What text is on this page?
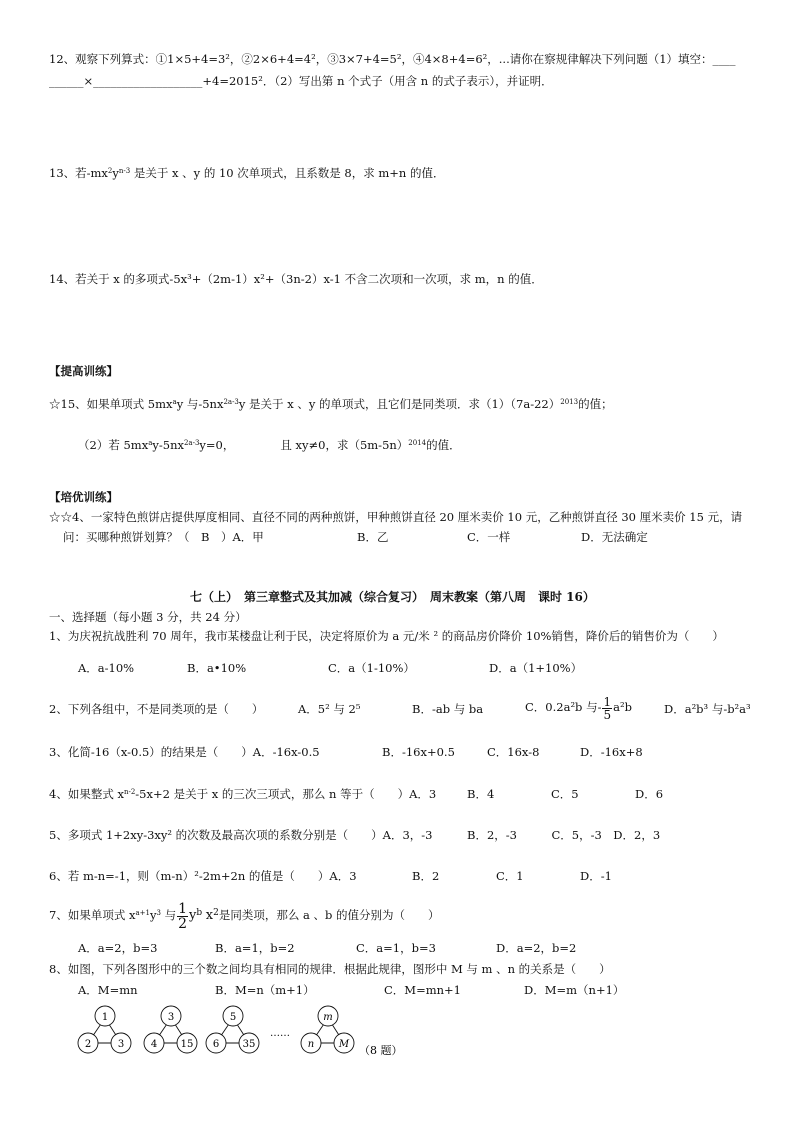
12、观察下列算式：①1×5+4=3²，②2×6+4=4²，③3×7+4=5²，④4×8+4=6²，...请你在察规律解决下列问题（1）填空：____
______×___________________+4=2015²．（2）写出第 n 个式子（用含 n 的式子表示），并证明．
13、若$-mx^2y^{n-3}$ 是关于 x 、y 的 10 次单项式，且系数是 8，求 m+n 的值．
14、若关于 x 的多项式-5x³+（2m-1）x²+（3n-2）x-1 不含二次项和一次项，求 m，n 的值．
【提高训练】
☆15、如果单项式 $5mx^ay$ 与$-5nx^{2a-3}y$ 是关于 x 、y 的单项式，且它们是同类项．求$(1)(7a-22)^{2013}$的值；
（2）若 $5mx^ay-5nx^{2a-3}y=0$，	且 xy≠0，求$(5m-5n)^{2014}$的值．
【培优训练】
☆☆4、一家特色煎饼店提供厚度相同、直径不同的两种煎饼，甲种煎饼直径 20 厘米卖价 10 元，乙种煎饼直径 30 厘米卖价 15 元，请
问：买哪种煎饼划算？（　B　）A．甲	B．乙	C．一样	D．无法确定
七（上）　第三章整式及其加减（综合复习）　周末教案（第八周　课时 16）
一、选择题（每小题 3 分，共 24 分）
1、为庆祝抗战胜利 70 周年，我市某楼盘让利于民，决定将原价为 a 元/米 ² 的商品房价降价 10%销售，降价后的销售价为（　　）
A．a-10%	B．a•10%	C．a（1-10%）	D．a（1+10%）
2、下列各组中，不是同类项的是（　　）	A．5² 与 2⁵	B．-ab 与 ba	C．0.2a²b 与- $\frac{1}{5} a^2b$	D．a²b³ 与-b²a³
3、化简-16（x-0.5）的结果是（　　）A．-16x-0.5	B．-16x+0.5	C．16x-8	D．-16x+8
4、如果整式 $x^{n-2}-5x+2$ 是关于 x 的三次三项式，那么 n 等于（　　）A．3	B．4	C．5	D．6
5、多项式 1+2xy-3xy² 的次数及最高次项的系数分别是（　　）A．3，-3　　　B．2，-3　　　C．5，-3　D．2，3
6、若 m-n=-1，则（m-n）²-2m+2n 的值是（　　）A．3	B．2	C．1	D．-1
7、如果单项式 $x^{a+1}y^3$ 与 $\frac{1}{2} y^b$ $x^2$是同类项，那么 a 、b 的值分别为（　　）
A．a=2，b=3	B．a=1，b=2	C．a=1，b=3	D．a=2，b=2
8、如图，下列各图形中的三个数之间均具有相同的规律．根据此规律，图形中 M 与 m 、n 的关系是（　　）
A．M=mn	B．M=n（m+1）	C．M=mn+1	D．M=m（n+1）
1
2	3
3
4 15
5
6 35
……
m
n M （8 题）
